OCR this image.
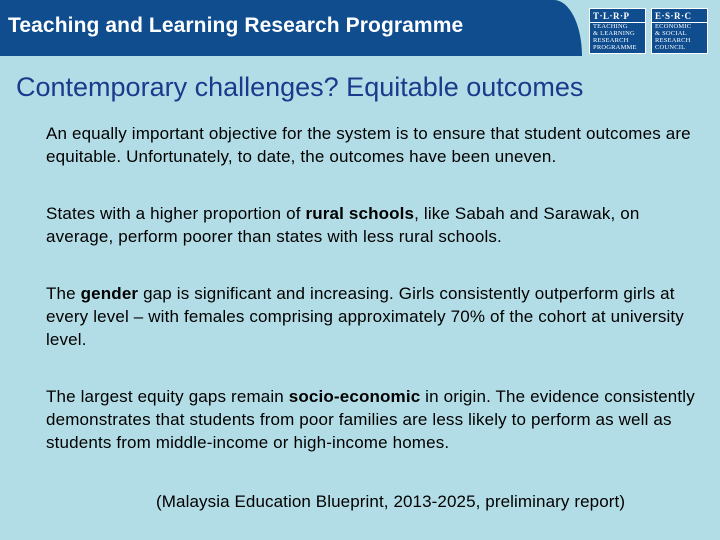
Teaching and Learning Research Programme	T·L·R·P
TEACHING
& LEARNING
RESEARCH
PROGRAMME
E·S·R·C
ECONOMIC
& SOCIAL
RESEARCH
COUNCIL
Contemporary challenges? Equitable outcomes

An equally important objective for the system is to ensure that student outcomes are equitable. Unfortunately, to date, the outcomes have been uneven.

States with a higher proportion of rural schools, like Sabah and Sarawak, on average, perform poorer than states with less rural schools.

The gender gap is significant and increasing. Girls consistently outperform girls at every level – with females comprising approximately 70% of the cohort at university level.

The largest equity gaps remain socio-economic in origin. The evidence consistently demonstrates that students from poor families are less likely to perform as well as students from middle-income or high-income homes.

(Malaysia Education Blueprint, 2013-2025, preliminary report)
